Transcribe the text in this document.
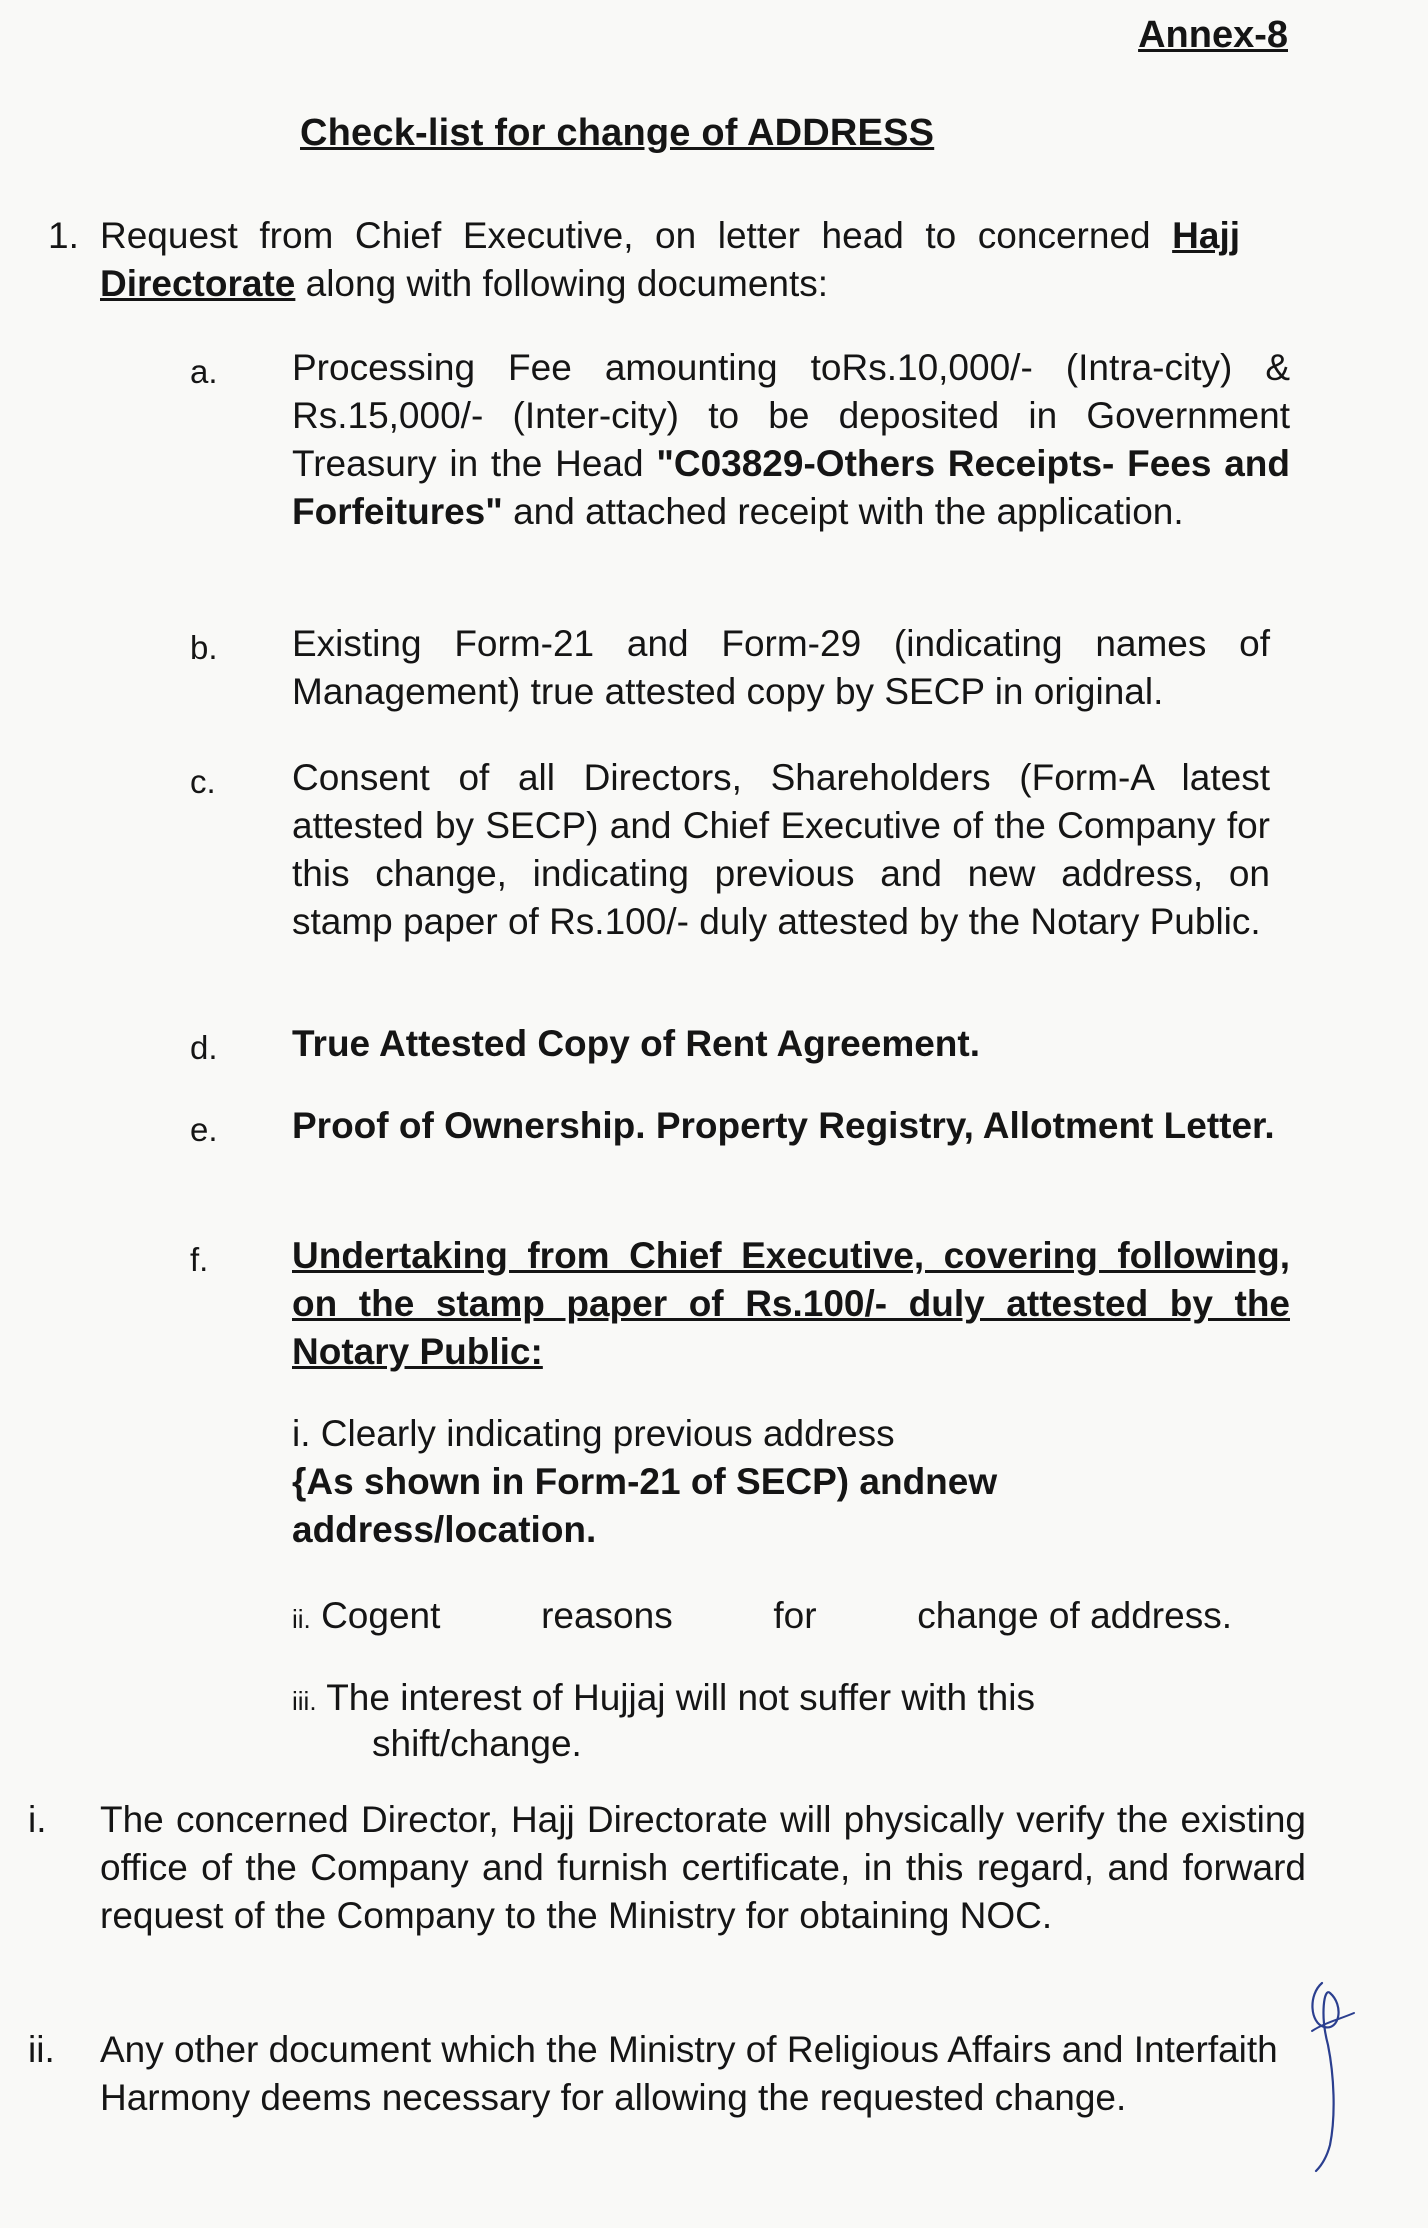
Annex-8
Check-list for change of ADDRESS
1. Request from Chief Executive, on letter head to concerned Hajj Directorate along with following documents:
a. Processing Fee amounting toRs.10,000/- (Intra-city) & Rs.15,000/- (Inter-city) to be deposited in Government Treasury in the Head "C03829-Others Receipts- Fees and Forfeitures" and attached receipt with the application.
b. Existing Form-21 and Form-29 (indicating names of Management) true attested copy by SECP in original.
c. Consent of all Directors, Shareholders (Form-A latest attested by SECP) and Chief Executive of the Company for this change, indicating previous and new address, on stamp paper of Rs.100/- duly attested by the Notary Public.
d. True Attested Copy of Rent Agreement.
e. Proof of Ownership. Property Registry, Allotment Letter.
f. Undertaking from Chief Executive, covering following, on the stamp paper of Rs.100/- duly attested by the Notary Public:
i. Clearly indicating previous address
{As shown in Form-21 of SECP) andnew address/location.
ii. Cogent	reasons	for	change of address.
iii. The interest of Hujjaj will not suffer with this
shift/change.
i. The concerned Director, Hajj Directorate will physically verify the existing office of the Company and furnish certificate, in this regard, and forward request of the Company to the Ministry for obtaining NOC.
ii. Any other document which the Ministry of Religious Affairs and Interfaith Harmony deems necessary for allowing the requested change.
